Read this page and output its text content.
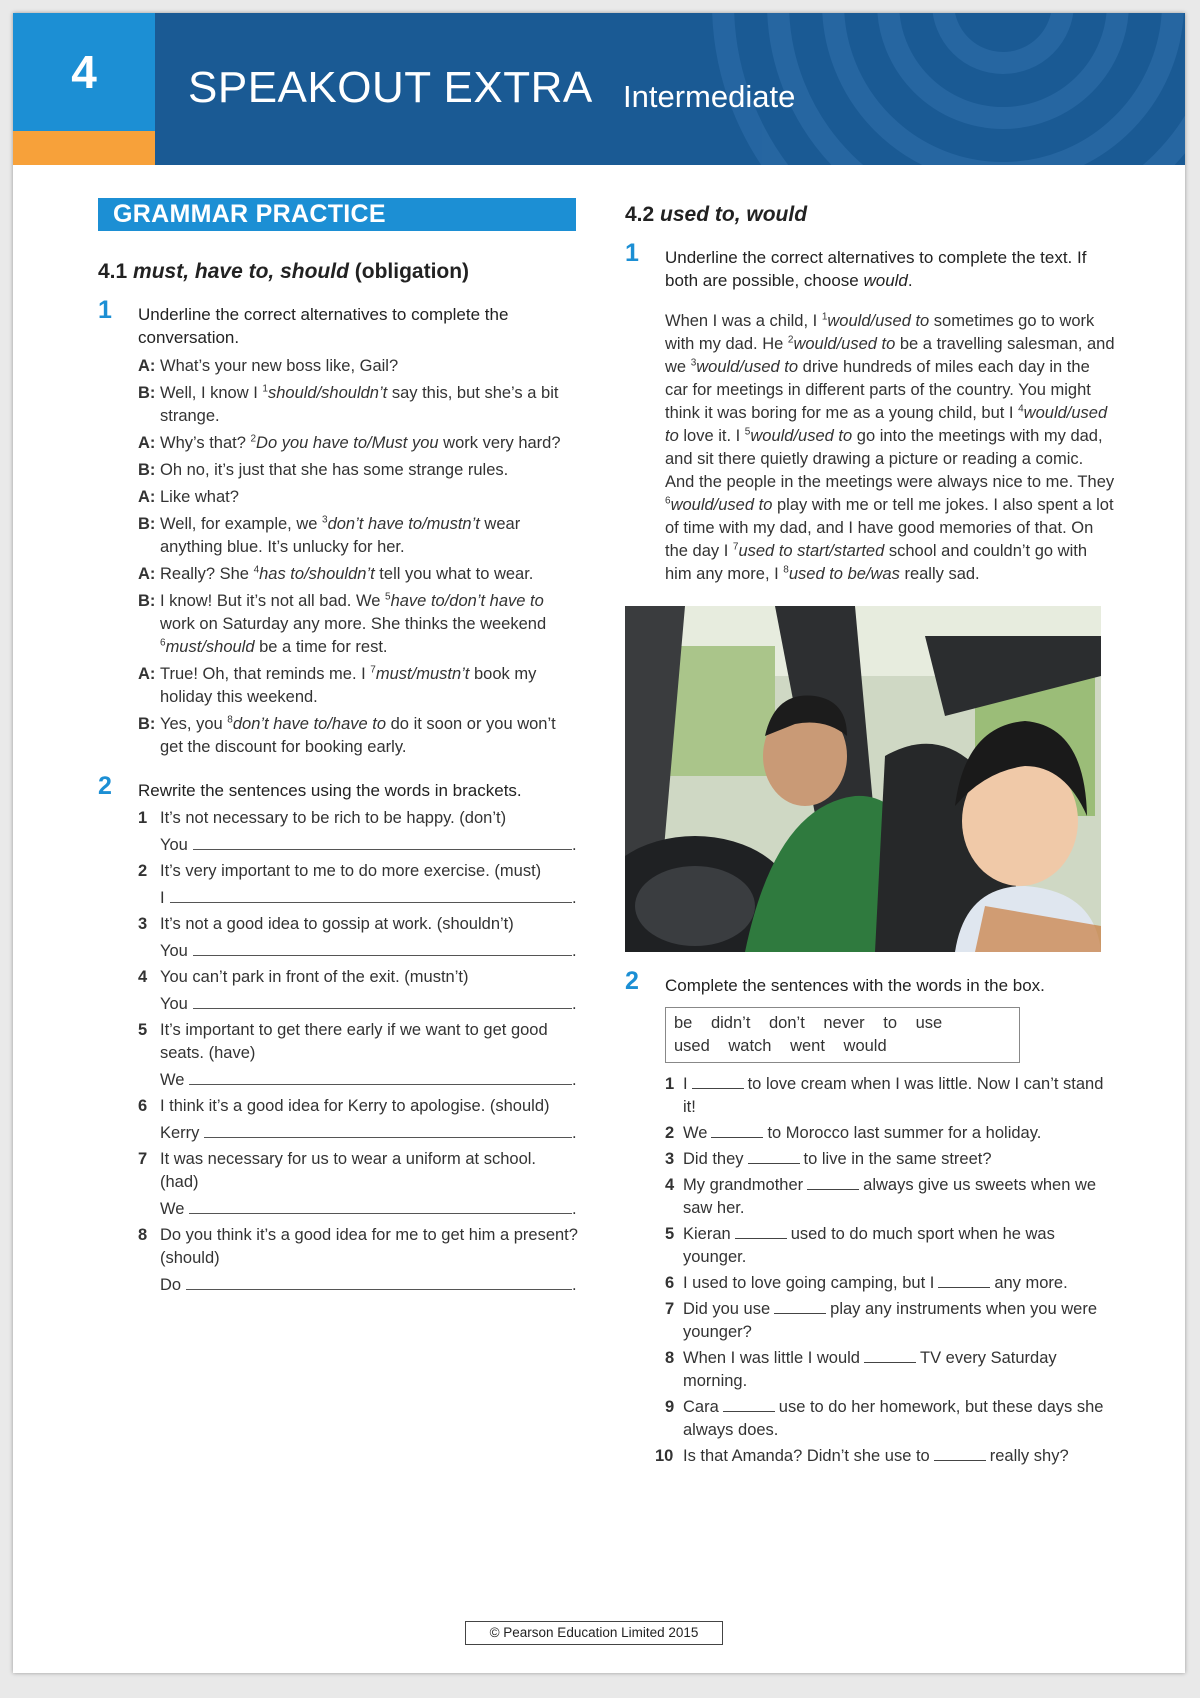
4	SPEAKOUT EXTRA Intermediate
GRAMMAR PRACTICE
4.1 must, have to, should (obligation)
1 Underline the correct alternatives to complete the conversation.
A: What’s your new boss like, Gail?
B: Well, I know I $^1$should/shouldn’t say this, but she’s a bit strange.
A: Why’s that? $^2$Do you have to/Must you work very hard?
B: Oh no, it’s just that she has some strange rules.
A: Like what?
B: Well, for example, we $^3$don’t have to/mustn’t wear anything blue. It’s unlucky for her.
A: Really? She $^4$has to/shouldn’t tell you what to wear.
B: I know! But it’s not all bad. We $^5$have to/don’t have to work on Saturday any more. She thinks the weekend $^6$must/should be a time for rest.
A: True! Oh, that reminds me. I $^7$must/mustn’t book my holiday this weekend.
B: Yes, you $^8$don’t have to/have to do it soon or you won’t get the discount for booking early.
2 Rewrite the sentences using the words in brackets.
1 It’s not necessary to be rich to be happy. (don’t)
You	.
2 It’s very important to me to do more exercise. (must)
I	.
3 It’s not a good idea to gossip at work. (shouldn’t)
You	.
4 You can’t park in front of the exit. (mustn’t)
You	.
5 It’s important to get there early if we want to get good seats. (have)
We	.
6 I think it’s a good idea for Kerry to apologise. (should)
Kerry	.
7 It was necessary for us to wear a uniform at school. (had)
We	.
8 Do you think it’s a good idea for me to get him a present? (should)
Do	.
4.2 used to, would
1 Underline the correct alternatives to complete the text. If both are possible, choose would.
When I was a child, I $^1$would/used to sometimes go to work with my dad. He $^2$would/used to be a travelling salesman, and we $^3$would/used to drive hundreds of miles each day in the car for meetings in different parts of the country. You might think it was boring for me as a young child, but I $^4$would/used to love it. I $^5$would/used to go into the meetings with my dad, and sit there quietly drawing a picture or reading a comic. And the people in the meetings were always nice to me. They $^6$would/used to play with me or tell me jokes. I also spent a lot of time with my dad, and I have good memories of that. On the day I $^7$used to start/started school and couldn’t go with him any more, I $^8$used to be/was really sad.
2 Complete the sentences with the words in the box.
be didn’t don’t never to use used watch went would
1 I	to love cream when I was little. Now I can’t stand it!
2 We	to Morocco last summer for a holiday.
3 Did they	to live in the same street?
4 My grandmother	always give us sweets when we saw her.
5 Kieran	used to do much sport when he was younger.
6 I used to love going camping, but I	any more.
7 Did you use	play any instruments when you were younger?
8 When I was little I would	TV every Saturday morning.
9 Cara	use to do her homework, but these days she always does.
10 Is that Amanda? Didn’t she use to	really shy?
© Pearson Education Limited 2015
